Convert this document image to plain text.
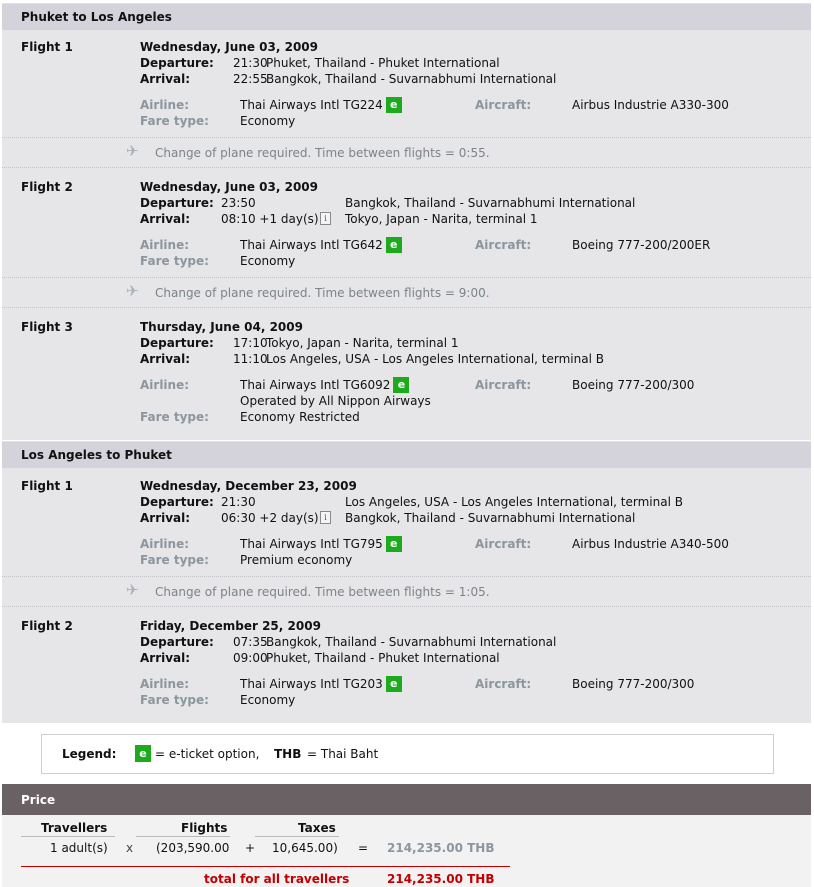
Phuket to Los Angeles
Flight 1	Wednesday, June 03, 2009
Departure: 21:30
Phuket, Thailand - Phuket International
Arrival:	22:55
Bangkok, Thailand - Suvarnabhumi International
Airline:	Thai Airways Intl TG224 e	Aircraft:	Airbus Industrie A330-300
Fare type:	Economy
✈ Change of plane required. Time between flights = 0:55.
Flight 2	Wednesday, June 03, 2009
Departure: 23:50	Bangkok, Thailand - Suvarnabhumi International
Arrival:	08:10 +1 day(s) i	Tokyo, Japan - Narita, terminal 1
Airline:	Thai Airways Intl TG642 e	Aircraft:	Boeing 777-200/200ER
Fare type:	Economy
✈ Change of plane required. Time between flights = 9:00.
Flight 3	Thursday, June 04, 2009
Departure: 17:10
Tokyo, Japan - Narita, terminal 1
Arrival:	11:10
Los Angeles, USA - Los Angeles International, terminal B
Airline:	Thai Airways Intl TG6092 e
Operated by All Nippon Airways
Aircraft:	Boeing 777-200/300
Fare type:	Economy Restricted
Los Angeles to Phuket
Flight 1	Wednesday, December 23, 2009
Departure: 21:30	Los Angeles, USA - Los Angeles International, terminal B
Arrival:	06:30 +2 day(s) i	Bangkok, Thailand - Suvarnabhumi International
Airline:	Thai Airways Intl TG795 e	Aircraft:	Airbus Industrie A340-500
Fare type:	Premium economy
✈ Change of plane required. Time between flights = 1:05.
Flight 2	Friday, December 25, 2009
Departure: 07:35
Bangkok, Thailand - Suvarnabhumi International
Arrival:	09:00
Phuket, Thailand - Phuket International
Airline:	Thai Airways Intl TG203 e	Aircraft:	Boeing 777-200/300
Fare type:	Economy
Legend:	e = e-ticket option, THB = Thai Baht
Price
Travellers	Flights	Taxes
1 adult(s) x (203,590.00 + 10,645.00) = 214,235.00 THB
total for all travellers	214,235.00 THB
